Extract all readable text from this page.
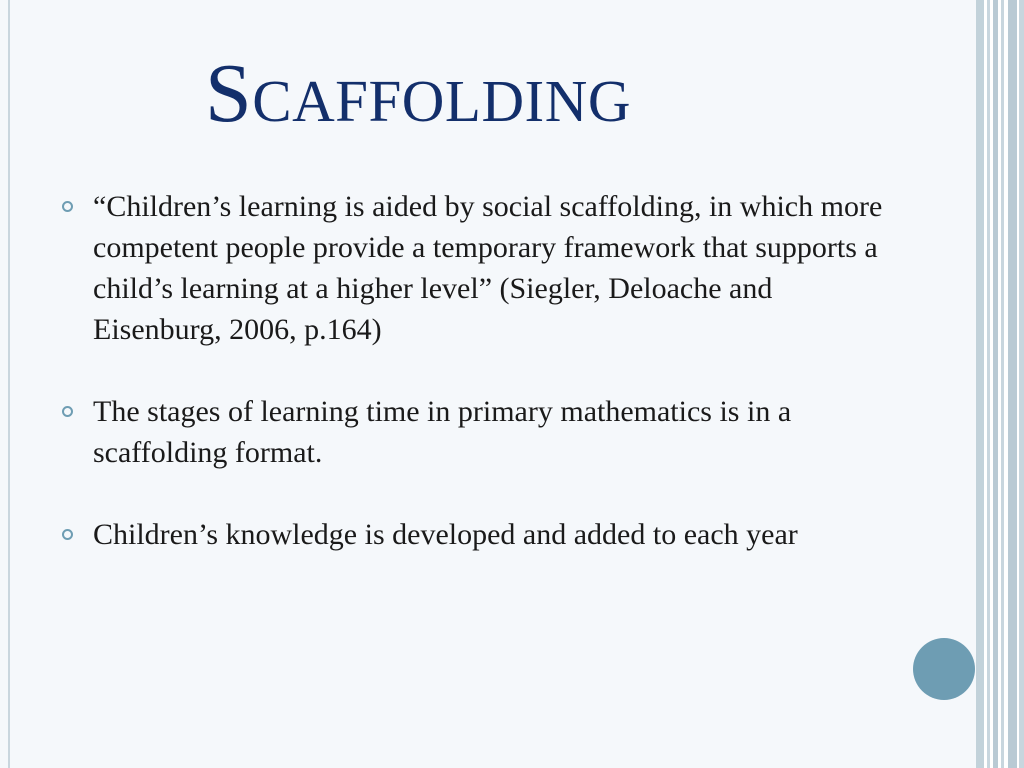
Scaffolding
“Children’s learning is aided by social scaffolding, in which more competent people provide a temporary framework that supports a child’s learning at a higher level” (Siegler, Deloache and Eisenburg, 2006, p.164)
The stages of learning time in primary mathematics is in a scaffolding format.
Children’s knowledge is developed and added to each year
